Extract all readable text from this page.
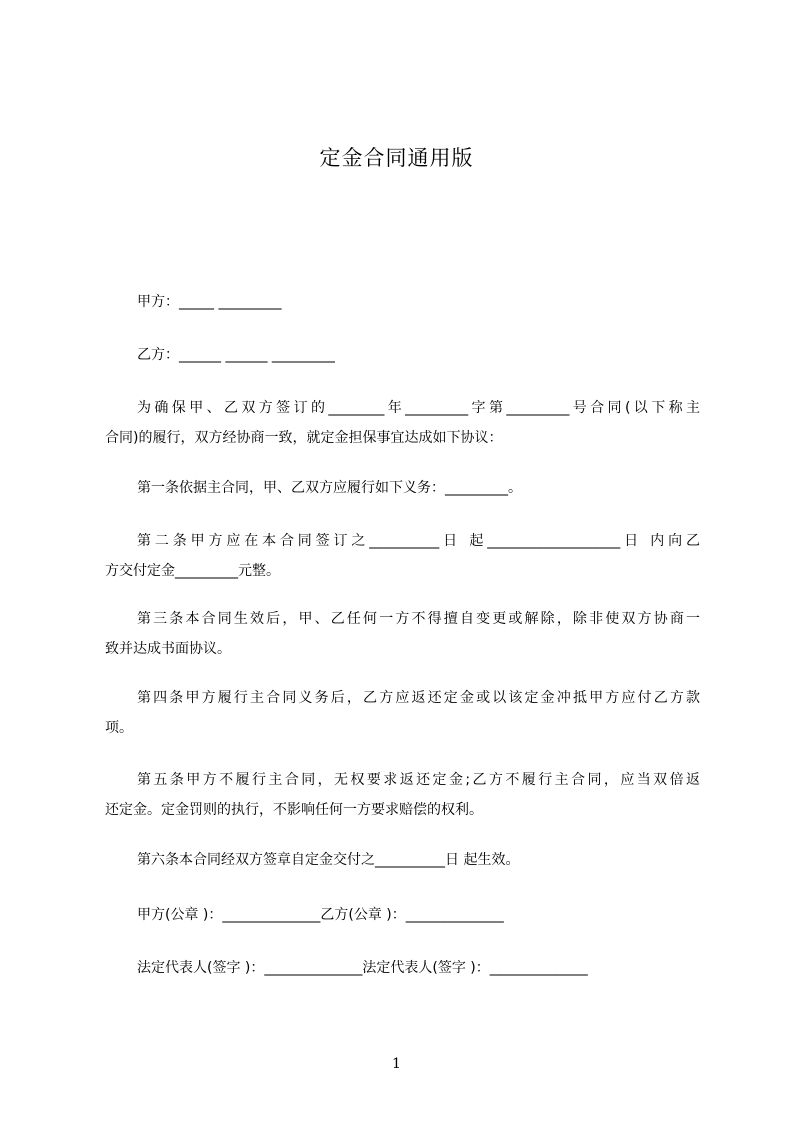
定金合同通用版
甲方：_____ _________
乙方：______ ______ _________
为确保甲、乙双方签订的________年_________字第_________号合同(以下称主
合同)的履行，双方经协商一致，就定金担保事宜达成如下协议：
第一条依据主合同，甲、乙双方应履行如下义务：_________。
第二条甲方应在本合同签订之__________日 起___________________日 内向乙
方交付定金_________元整。
第三条本合同生效后，甲、乙任何一方不得擅自变更或解除，除非使双方协商一
致并达成书面协议。
第四条甲方履行主合同义务后，乙方应返还定金或以该定金冲抵甲方应付乙方款
项。
第五条甲方不履行主合同，无权要求返还定金;乙方不履行主合同，应当双倍返
还定金。定金罚则的执行，不影响任何一方要求赔偿的权利。
第六条本合同经双方签章自定金交付之__________日 起生效。
甲方(公章 )：______________乙方(公章 )：______________
法定代表人(签字 )：______________法定代表人(签字 )：______________
1
